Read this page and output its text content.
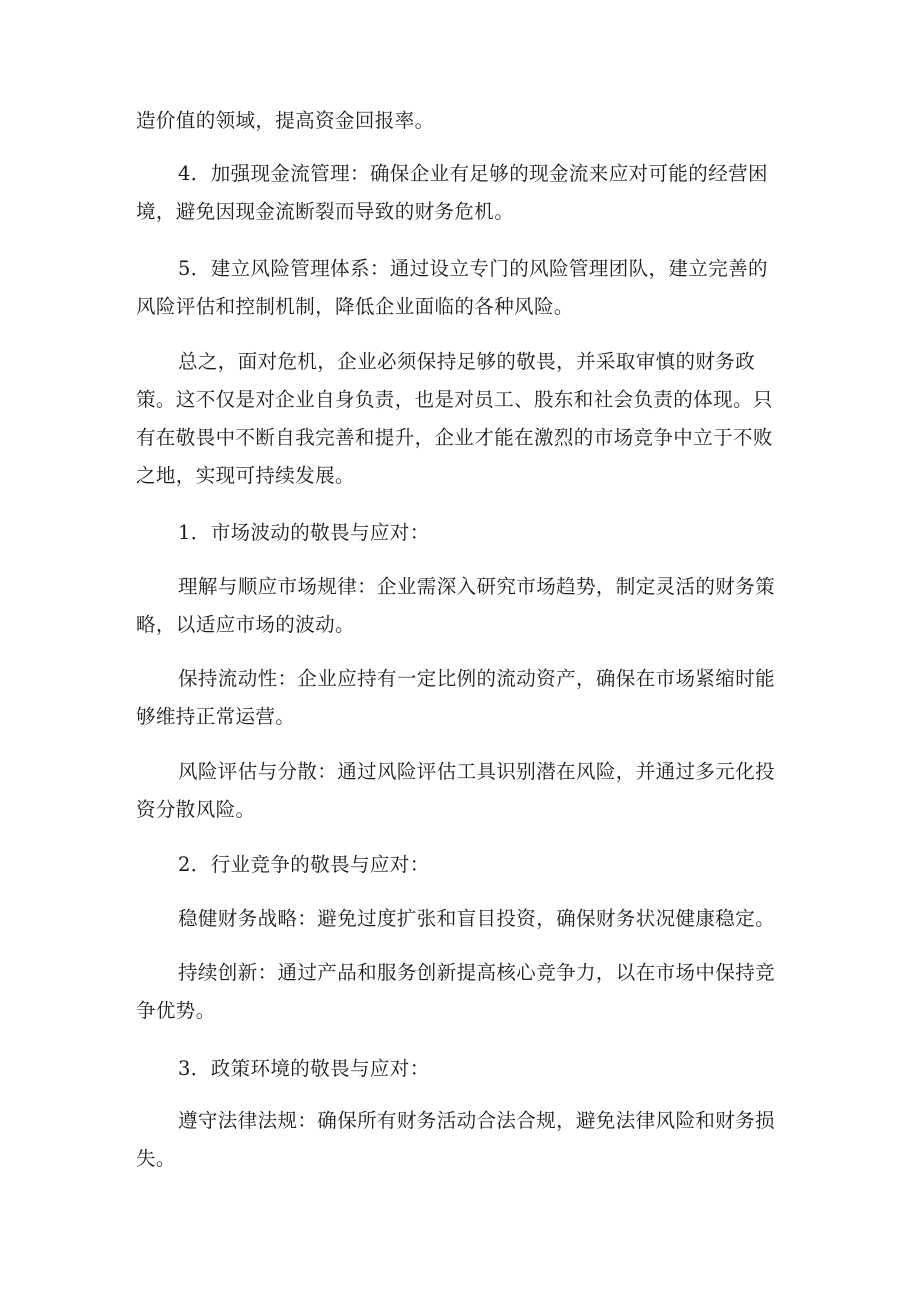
造价值的领域，提高资金回报率。

4．加强现金流管理：确保企业有足够的现金流来应对可能的经营困境，避免因现金流断裂而导致的财务危机。

5．建立风险管理体系：通过设立专门的风险管理团队，建立完善的风险评估和控制机制，降低企业面临的各种风险。

总之，面对危机，企业必须保持足够的敬畏，并采取审慎的财务政策。这不仅是对企业自身负责，也是对员工、股东和社会负责的体现。只有在敬畏中不断自我完善和提升，企业才能在激烈的市场竞争中立于不败之地，实现可持续发展。

1．市场波动的敬畏与应对：

理解与顺应市场规律：企业需深入研究市场趋势，制定灵活的财务策略，以适应市场的波动。

保持流动性：企业应持有一定比例的流动资产，确保在市场紧缩时能够维持正常运营。

风险评估与分散：通过风险评估工具识别潜在风险，并通过多元化投资分散风险。

2．行业竞争的敬畏与应对：

稳健财务战略：避免过度扩张和盲目投资，确保财务状况健康稳定。

持续创新：通过产品和服务创新提高核心竞争力，以在市场中保持竞争优势。

3．政策环境的敬畏与应对：

遵守法律法规：确保所有财务活动合法合规，避免法律风险和财务损失。
